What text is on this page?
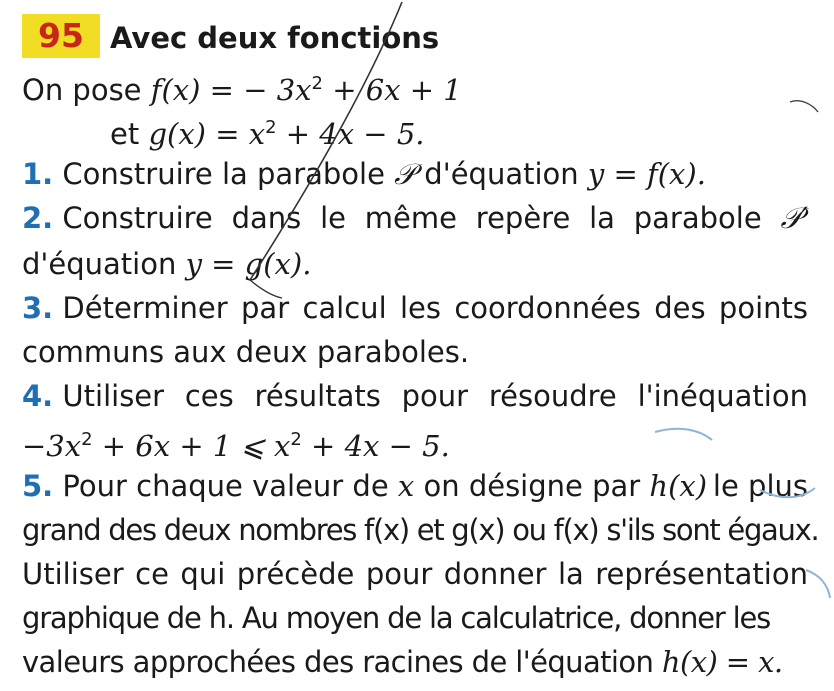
95 Avec deux fonctions
On pose f(x) = − $3x^2 + 6x + 1$
et $g(x) = x^2 + 4x - 5$.
1. Construire la parabole 𝒫 d'équation y = f(x).
2. Construire dans le même repère la parabole 𝒫′
d'équation y = g(x).
3. Déterminer par calcul les coordonnées des points
communs aux deux paraboles.
4. Utiliser ces résultats pour résoudre l'inéquation
$-3x^2 + 6x + 1$ ⩽ $x^2 + 4x - 5$.
5. Pour chaque valeur de x on désigne par h(x) le plus
grand des deux nombres f(x) et g(x) ou f(x) s'ils sont égaux.
Utiliser ce qui précède pour donner la représentation
graphique de h. Au moyen de la calculatrice, donner les
valeurs approchées des racines de l'équation h(x) = x.
